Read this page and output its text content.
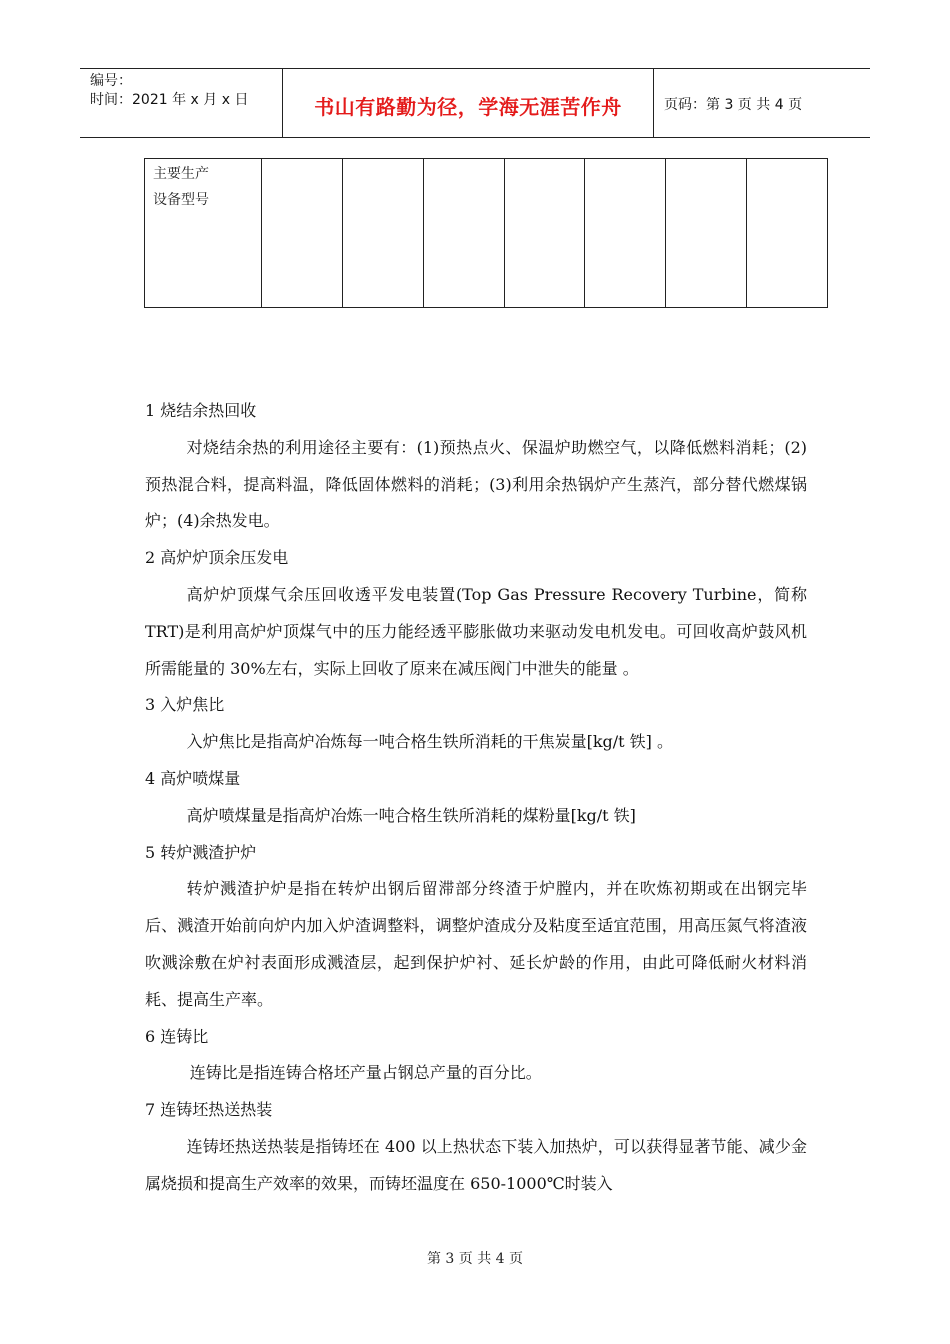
编号：
时间：2021 年 x 月 x 日	书山有路勤为径，学海无涯苦作舟	页码：第 3 页 共 4 页
主要生产设备型号

1 烧结余热回收

对烧结余热的利用途径主要有：(1)预热点火、保温炉助燃空气，以降低燃料消耗；(2)预热混合料，提高料温，降低固体燃料的消耗；(3)利用余热锅炉产生蒸汽，部分替代燃煤锅炉；(4)余热发电。

2 高炉炉顶余压发电

高炉炉顶煤气余压回收透平发电装置(Top Gas Pressure Recovery Turbine，简称 TRT)是利用高炉炉顶煤气中的压力能经透平膨胀做功来驱动发电机发电。可回收高炉鼓风机所需能量的 30%左右，实际上回收了原来在减压阀门中泄失的能量 。

3 入炉焦比

入炉焦比是指高炉冶炼每一吨合格生铁所消耗的干焦炭量[kg/t 铁] 。

4 高炉喷煤量

高炉喷煤量是指高炉冶炼一吨合格生铁所消耗的煤粉量[kg/t 铁]

5 转炉溅渣护炉

转炉溅渣护炉是指在转炉出钢后留滞部分终渣于炉膛内，并在吹炼初期或在出钢完毕后、溅渣开始前向炉内加入炉渣调整料，调整炉渣成分及粘度至适宜范围，用高压氮气将渣液吹溅涂敷在炉衬表面形成溅渣层，起到保护炉衬、延长炉龄的作用，由此可降低耐火材料消耗、提高生产率。

6 连铸比

连铸比是指连铸合格坯产量占钢总产量的百分比。

7 连铸坯热送热装

连铸坯热送热装是指铸坯在 400 以上热状态下装入加热炉，可以获得显著节能、减少金属烧损和提高生产效率的效果，而铸坯温度在 650-1000℃时装入

第 3 页 共 4 页
